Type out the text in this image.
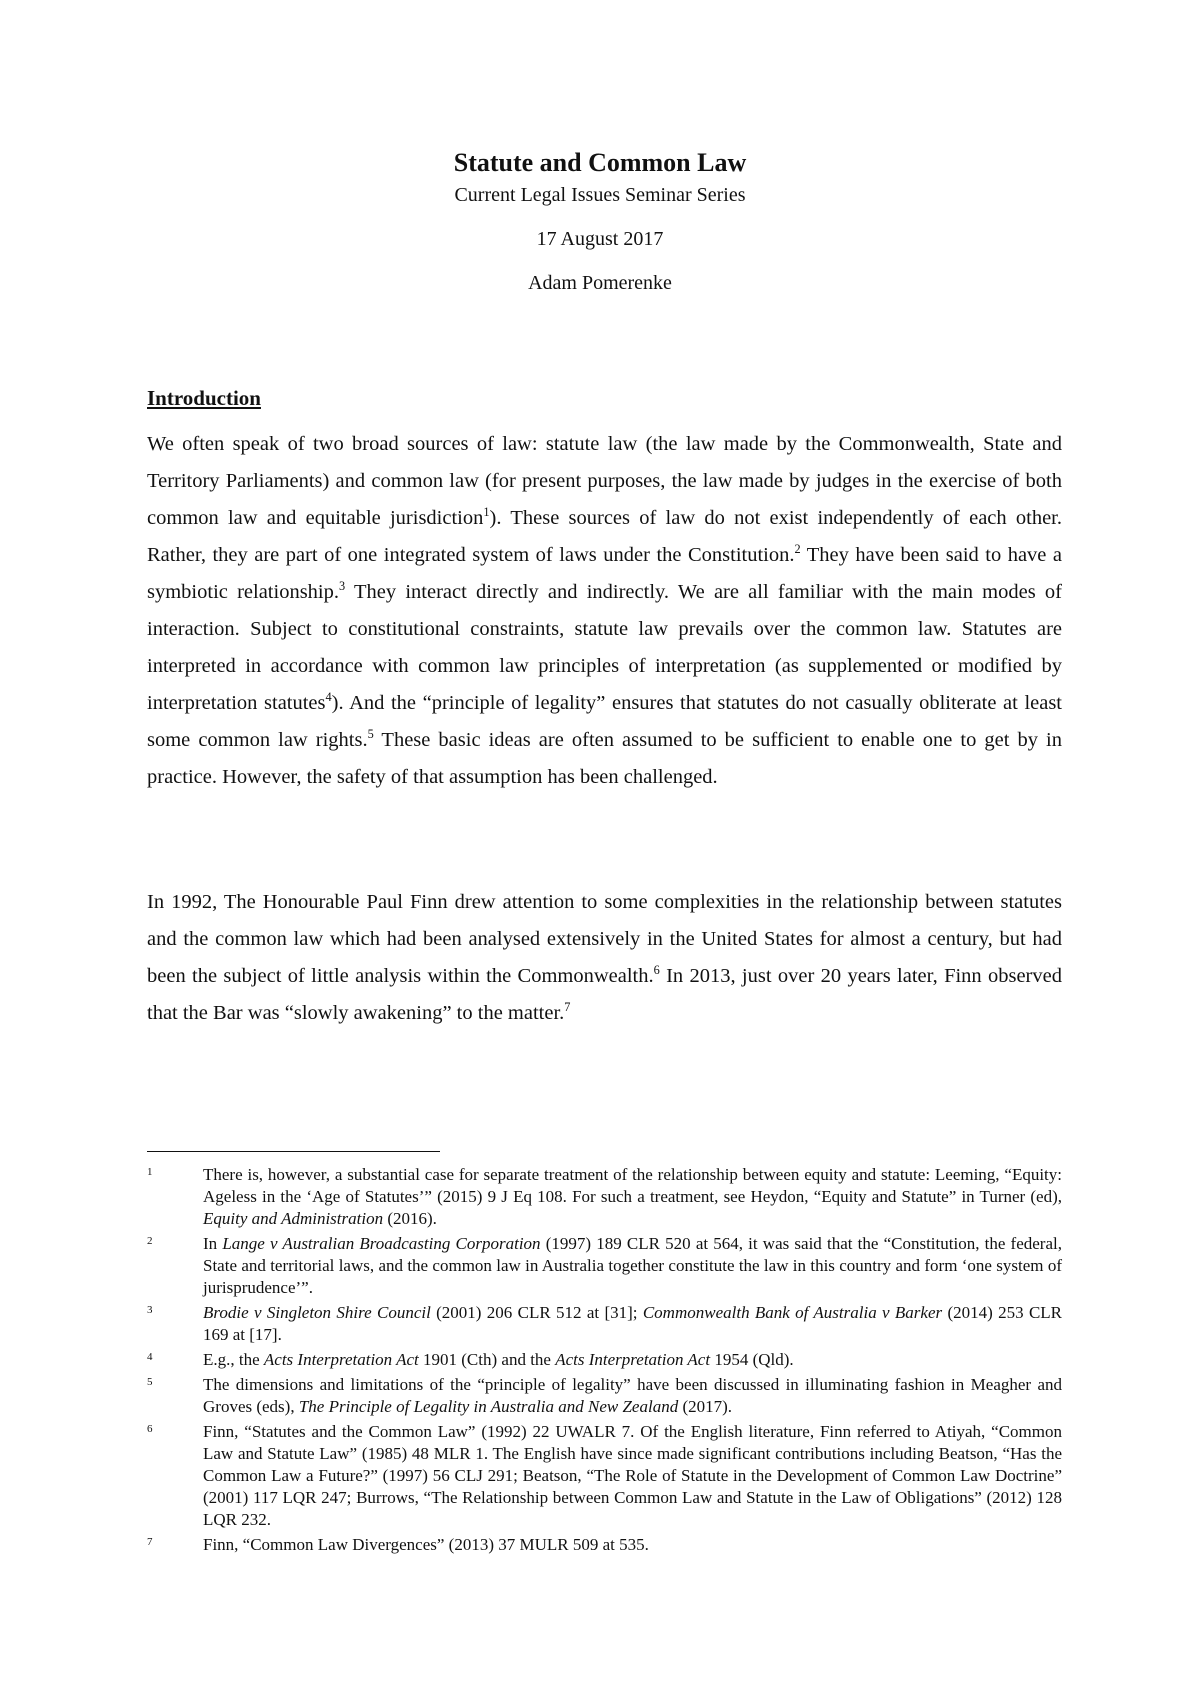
Statute and Common Law
Current Legal Issues Seminar Series
17 August 2017
Adam Pomerenke
Introduction

We often speak of two broad sources of law: statute law (the law made by the Commonwealth, State and Territory Parliaments) and common law (for present purposes, the law made by judges in the exercise of both common law and equitable jurisdiction$^1$). These sources of law do not exist independently of each other. Rather, they are part of one integrated system of laws under the Constitution.$^2$ They have been said to have a symbiotic relationship.$^3$ They interact directly and indirectly. We are all familiar with the main modes of interaction. Subject to constitutional constraints, statute law prevails over the common law. Statutes are interpreted in accordance with common law principles of interpretation (as supplemented or modified by interpretation statutes$^4$). And the “principle of legality” ensures that statutes do not casually obliterate at least some common law rights.$^5$ These basic ideas are often assumed to be sufficient to enable one to get by in practice. However, the safety of that assumption has been challenged.

In 1992, The Honourable Paul Finn drew attention to some complexities in the relationship between statutes and the common law which had been analysed extensively in the United States for almost a century, but had been the subject of little analysis within the Commonwealth.$^6$ In 2013, just over 20 years later, Finn observed that the Bar was “slowly awakening” to the matter.$^7$

1	There is, however, a substantial case for separate treatment of the relationship between equity and statute: Leeming, “Equity: Ageless in the ‘Age of Statutes’” (2015) 9 J Eq 108. For such a treatment, see Heydon, “Equity and Statute” in Turner (ed), Equity and Administration (2016).
2	In Lange v Australian Broadcasting Corporation (1997) 189 CLR 520 at 564, it was said that the “Constitution, the federal, State and territorial laws, and the common law in Australia together constitute the law in this country and form ‘one system of jurisprudence’”.
3	Brodie v Singleton Shire Council (2001) 206 CLR 512 at [31]; Commonwealth Bank of Australia v Barker (2014) 253 CLR 169 at [17].
4	E.g., the Acts Interpretation Act 1901 (Cth) and the Acts Interpretation Act 1954 (Qld).
5	The dimensions and limitations of the “principle of legality” have been discussed in illuminating fashion in Meagher and Groves (eds), The Principle of Legality in Australia and New Zealand (2017).
6	Finn, “Statutes and the Common Law” (1992) 22 UWALR 7. Of the English literature, Finn referred to Atiyah, “Common Law and Statute Law” (1985) 48 MLR 1. The English have since made significant contributions including Beatson, “Has the Common Law a Future?” (1997) 56 CLJ 291; Beatson, “The Role of Statute in the Development of Common Law Doctrine” (2001) 117 LQR 247; Burrows, “The Relationship between Common Law and Statute in the Law of Obligations” (2012) 128 LQR 232.
7	Finn, “Common Law Divergences” (2013) 37 MULR 509 at 535.
